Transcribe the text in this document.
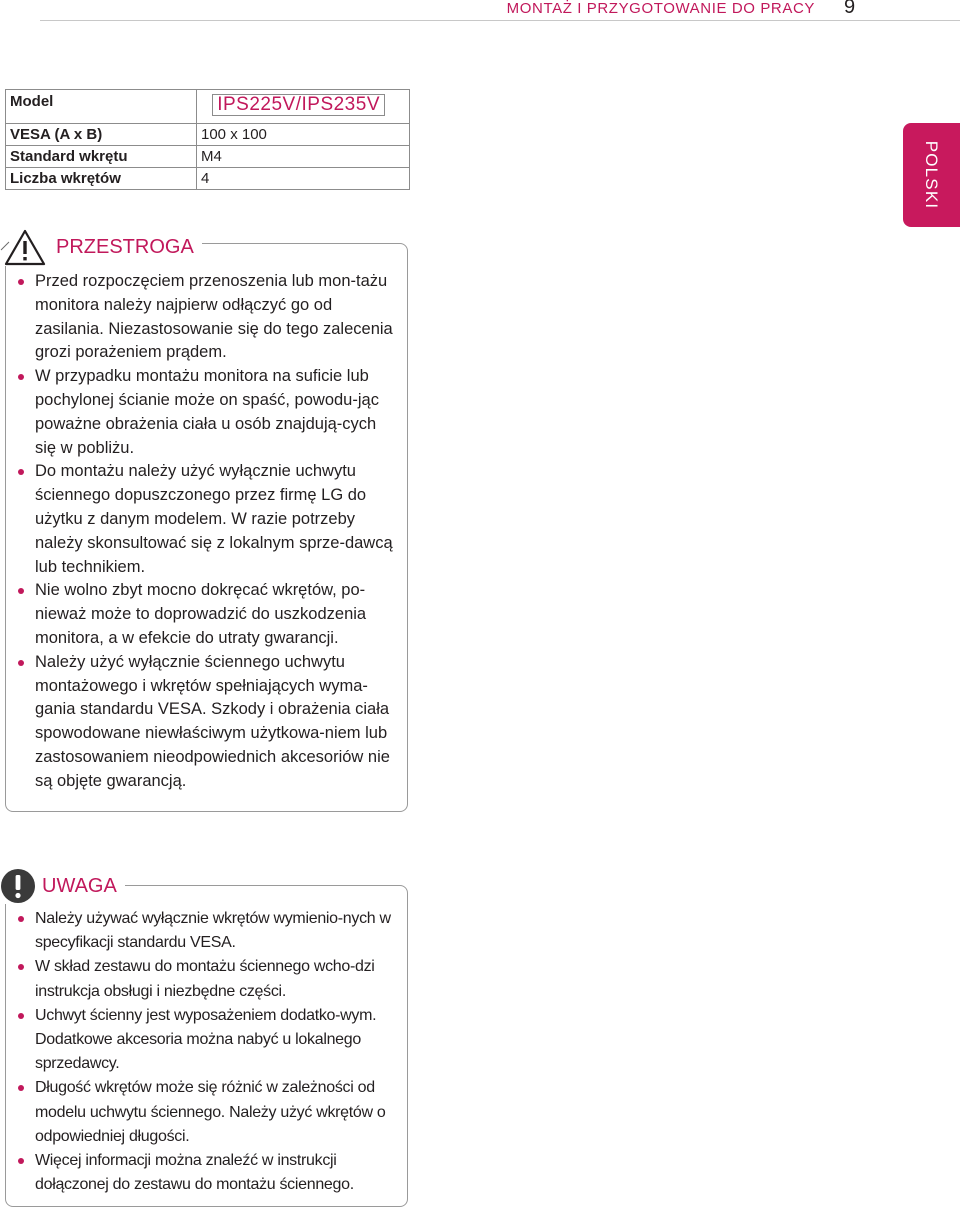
MONTAŻ I PRZYGOTOWANIE DO PRACY 9
POLSKI
Model	IPS225V/IPS235V

VESA (A x B)	100 x 100
Standard wkrętu	M4
Liczba wkrętów	4
PRZESTROGA
Przed rozpoczęciem przenoszenia lub mon-tażu monitora należy najpierw odłączyć go od zasilania. Niezastosowanie się do tego zalecenia grozi porażeniem prądem.
W przypadku montażu monitora na suficie lub pochylonej ścianie może on spaść, powodu-jąc poważne obrażenia ciała u osób znajdują-cych się w pobliżu.
Do montażu należy użyć wyłącznie uchwytu ściennego dopuszczonego przez firmę LG do użytku z danym modelem. W razie potrzeby należy skonsultować się z lokalnym sprze-dawcą lub technikiem.
Nie wolno zbyt mocno dokręcać wkrętów, po-nieważ może to doprowadzić do uszkodzenia monitora, a w efekcie do utraty gwarancji.
Należy użyć wyłącznie ściennego uchwytu montażowego i wkrętów spełniających wyma-gania standardu VESA. Szkody i obrażenia ciała spowodowane niewłaściwym użytkowa-niem lub zastosowaniem nieodpowiednich akcesoriów nie są objęte gwarancją.
UWAGA
Należy używać wyłącznie wkrętów wymienio-nych w specyfikacji standardu VESA.
W skład zestawu do montażu ściennego wcho-dzi instrukcja obsługi i niezbędne części.
Uchwyt ścienny jest wyposażeniem dodatko-wym. Dodatkowe akcesoria można nabyć u lokalnego sprzedawcy.
Długość wkrętów może się różnić w zależności od modelu uchwytu ściennego. Należy użyć wkrętów o odpowiedniej długości.
Więcej informacji można znaleźć w instrukcji dołączonej do zestawu do montażu ściennego.
